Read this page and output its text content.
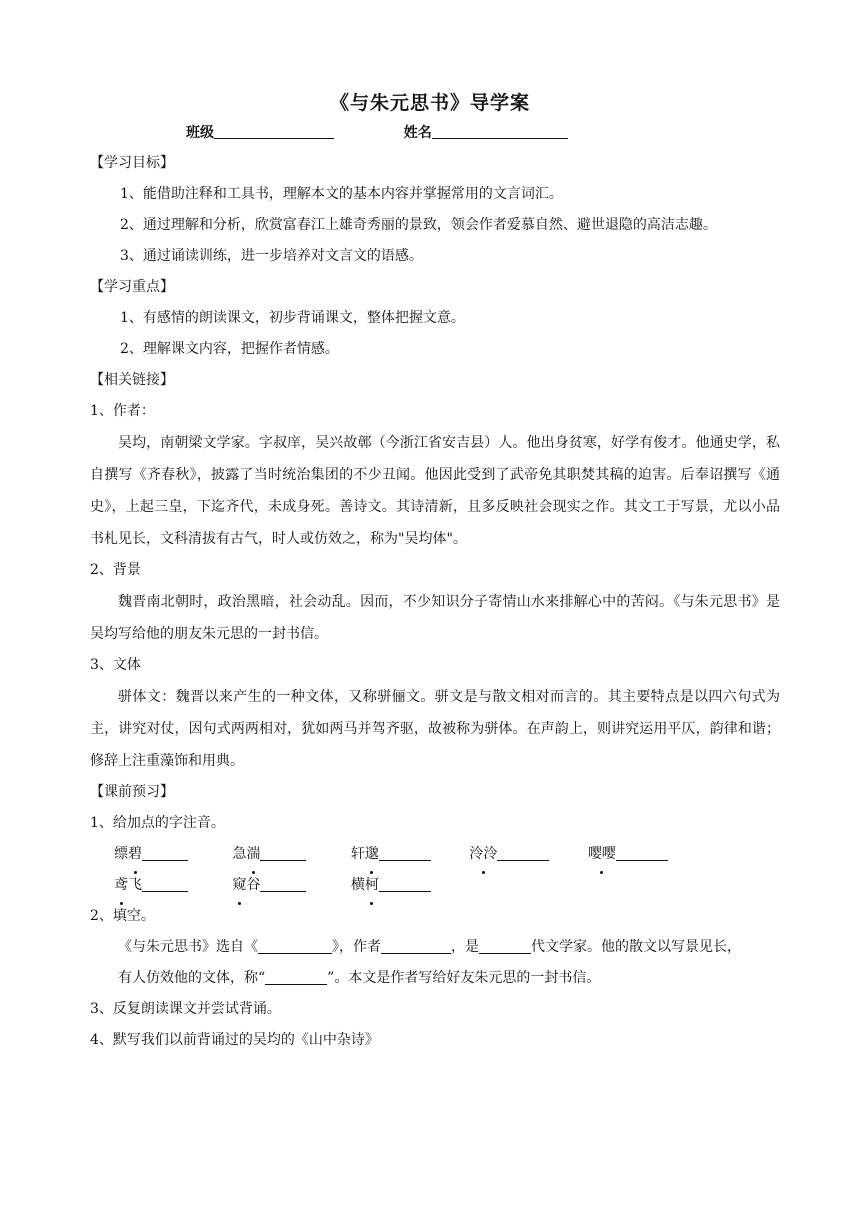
《与朱元思书》导学案
班级	姓名
【学习目标】
1、能借助注释和工具书，理解本文的基本内容并掌握常用的文言词汇。
2、通过理解和分析，欣赏富春江上雄奇秀丽的景致，领会作者爱慕自然、避世退隐的高洁志趣。
3、通过诵读训练，进一步培养对文言文的语感。
【学习重点】
1、有感情的朗读课文，初步背诵课文，整体把握文意。
2、理解课文内容，把握作者情感。
【相关链接】
1、作者：

吴均，南朝梁文学家。字叔庠，吴兴故鄣（今浙江省安吉县）人。他出身贫寒，好学有俊才。他通史学，私自撰写《齐春秋》，披露了当时统治集团的不少丑闻。他因此受到了武帝免其职焚其稿的迫害。后奉诏撰写《通史》，上起三皇，下迄齐代，未成身死。善诗文。其诗清新，且多反映社会现实之作。其文工于写景，尤以小品书札见长，文科清拔有古气，时人或仿效之，称为"吴均体"。

2、背景

魏晋南北朝时，政治黑暗，社会动乱。因而，不少知识分子寄情山水来排解心中的苦闷。《与朱元思书》是吴均写给他的朋友朱元思的一封书信。

3、文体

骈体文：魏晋以来产生的一种文体，又称骈俪文。骈文是与散文相对而言的。其主要特点是以四六句式为主，讲究对仗，因句式两两相对，犹如两马并驾齐驱，故被称为骈体。在声韵上，则讲究运用平仄，韵律和谐；修辞上注重藻饰和用典。

【课前预习】
1、给加点的字注音。
缥碧	急湍	轩邈	泠泠	嘤嘤
鸢飞	窥谷	横柯
2、填空。
《与朱元思书》选自《	》，作者	，是	代文学家。他的散文以写景见长，
有人仿效他的文体，称“	”。本文是作者写给好友朱元思的一封书信。
3、反复朗读课文并尝试背诵。
4、默写我们以前背诵过的吴均的《山中杂诗》
